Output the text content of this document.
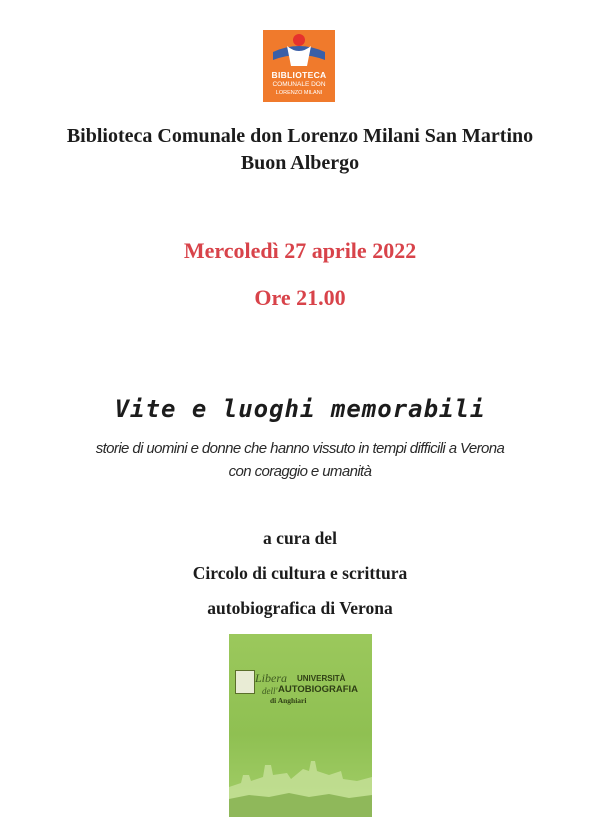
BIBLIOTECA
COMUNALE DON
LORENZO MILANI
Biblioteca Comunale don Lorenzo Milani San Martino
Buon Albergo
Mercoledì 27 aprile 2022
Ore 21.00
Vite e luoghi memorabili
storie di uomini e donne che hanno vissuto in tempi difficili a Verona
con coraggio e umanità
a cura del
Circolo di cultura e scrittura
autobiografica di Verona
Libera UNIVERSITÀ
dell' AUTOBIOGRAFIA
di Anghiari
